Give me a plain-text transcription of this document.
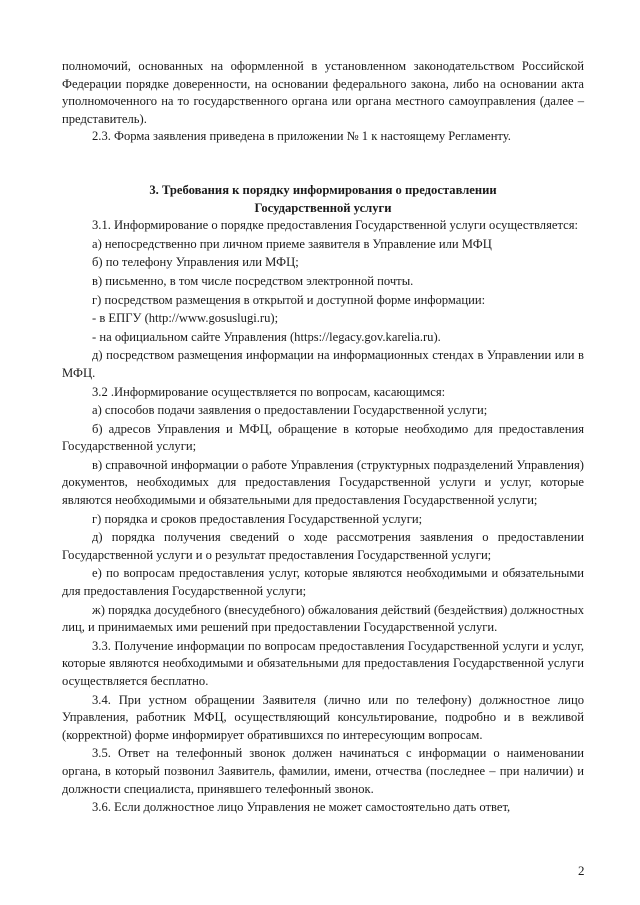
полномочий, основанных на оформленной в установленном законодательством Российской Федерации порядке доверенности, на основании федерального закона, либо на основании акта уполномоченного на то государственного органа или органа местного самоуправления (далее – представитель).

2.3. Форма заявления приведена в приложении № 1 к настоящему Регламенту.

3. Требования к порядку информирования о предоставлении

Государственной услуги

3.1. Информирование о порядке предоставления Государственной услуги осуществляется:

а) непосредственно при личном приеме заявителя в Управление или МФЦ

б) по телефону Управления или МФЦ;

в) письменно, в том числе посредством электронной почты.

г) посредством размещения в открытой и доступной форме информации:

- в ЕПГУ (http://www.gosuslugi.ru);

- на официальном сайте Управления (https://legacy.gov.karelia.ru).

д) посредством размещения информации на информационных стендах в Управлении или в МФЦ.

3.2 .Информирование осуществляется по вопросам, касающимся:

а) способов подачи заявления о предоставлении Государственной услуги;

б) адресов Управления и МФЦ, обращение в которые необходимо для предоставления Государственной услуги;

в) справочной информации о работе Управления (структурных подразделений Управления) документов, необходимых для предоставления Государственной услуги и услуг, которые являются необходимыми и обязательными для предоставления Государственной услуги;

г) порядка и сроков предоставления Государственной услуги;

д) порядка получения сведений о ходе рассмотрения заявления о предоставлении Государственной услуги и о результат предоставления Государственной услуги;

е) по вопросам предоставления услуг, которые являются необходимыми и обязательными для предоставления Государственной услуги;

ж) порядка досудебного (внесудебного) обжалования действий (бездействия) должностных лиц, и принимаемых ими решений при предоставлении Государственной услуги.

3.3. Получение информации по вопросам предоставления Государственной услуги и услуг, которые являются необходимыми и обязательными для предоставления Государственной услуги осуществляется бесплатно.

3.4. При устном обращении Заявителя (лично или по телефону) должностное лицо Управления, работник МФЦ, осуществляющий консультирование, подробно и в вежливой (корректной) форме информирует обратившихся по интересующим вопросам.

3.5. Ответ на телефонный звонок должен начинаться с информации о наименовании органа, в который позвонил Заявитель, фамилии, имени, отчества (последнее – при наличии) и должности специалиста, принявшего телефонный звонок.

3.6. Если должностное лицо Управления не может самостоятельно дать ответ,

2
